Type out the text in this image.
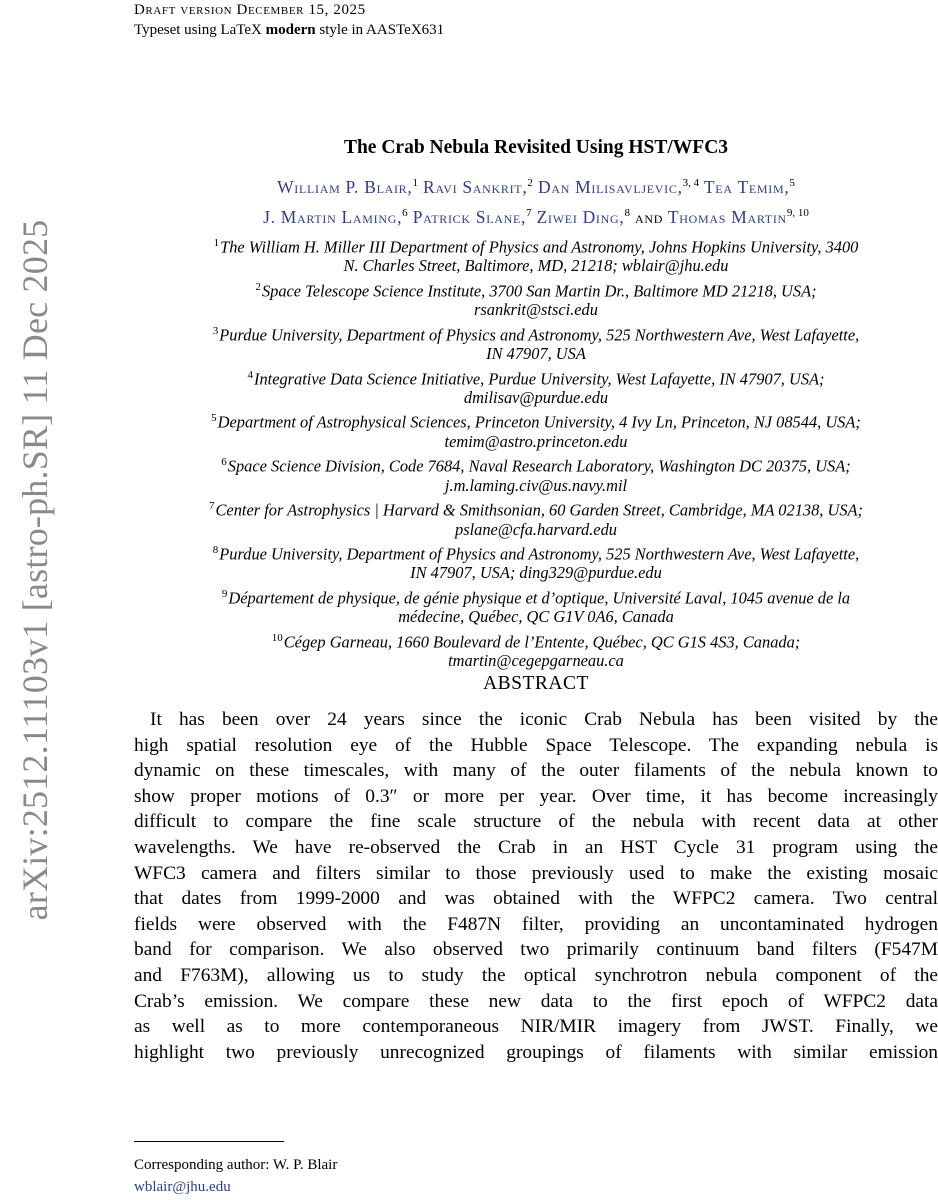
arXiv:2512.11103v1 [astro-ph.SR] 11 Dec 2025
Draft version December 15, 2025
Typeset using LaTeX modern style in AASTeX631
The Crab Nebula Revisited Using HST/WFC3
William P. Blair,$^1$ Ravi Sankrit,$^2$ Dan Milisavljevic,$^{3, 4}$ Tea Temim,$^5$
J. Martin Laming,$^6$ Patrick Slane,$^7$ Ziwei Ding,$^8$ and Thomas Martin$^{9, 10}$
$^1$The William H. Miller III Department of Physics and Astronomy, Johns Hopkins University, 3400
N. Charles Street, Baltimore, MD, 21218; wblair@jhu.edu
$^2$Space Telescope Science Institute, 3700 San Martin Dr., Baltimore MD 21218, USA;
rsankrit@stsci.edu
$^3$Purdue University, Department of Physics and Astronomy, 525 Northwestern Ave, West Lafayette,
IN 47907, USA
$^4$Integrative Data Science Initiative, Purdue University, West Lafayette, IN 47907, USA;
dmilisav@purdue.edu
$^5$Department of Astrophysical Sciences, Princeton University, 4 Ivy Ln, Princeton, NJ 08544, USA;
temim@astro.princeton.edu
$^6$Space Science Division, Code 7684, Naval Research Laboratory, Washington DC 20375, USA;
j.m.laming.civ@us.navy.mil
$^7$Center for Astrophysics | Harvard & Smithsonian, 60 Garden Street, Cambridge, MA 02138, USA;
pslane@cfa.harvard.edu
$^8$Purdue University, Department of Physics and Astronomy, 525 Northwestern Ave, West Lafayette,
IN 47907, USA; ding329@purdue.edu
$^9$Département de physique, de génie physique et d’optique, Université Laval, 1045 avenue de la
médecine, Québec, QC G1V 0A6, Canada
$^{10}$Cégep Garneau, 1660 Boulevard de l’Entente, Québec, QC G1S 4S3, Canada;
tmartin@cegepgarneau.ca
ABSTRACT
It has been over 24 years since the iconic Crab Nebula has been visited by the
high spatial resolution eye of the Hubble Space Telescope. The expanding nebula is
dynamic on these timescales, with many of the outer filaments of the nebula known to
show proper motions of 0.3″ or more per year. Over time, it has become increasingly
difficult to compare the fine scale structure of the nebula with recent data at other
wavelengths. We have re-observed the Crab in an HST Cycle 31 program using the
WFC3 camera and filters similar to those previously used to make the existing mosaic
that dates from 1999-2000 and was obtained with the WFPC2 camera. Two central
fields were observed with the F487N filter, providing an uncontaminated hydrogen
band for comparison. We also observed two primarily continuum band filters (F547M
and F763M), allowing us to study the optical synchrotron nebula component of the
Crab’s emission. We compare these new data to the first epoch of WFPC2 data
as well as to more contemporaneous NIR/MIR imagery from JWST. Finally, we
highlight two previously unrecognized groupings of filaments with similar emission
Corresponding author: W. P. Blair
wblair@jhu.edu
